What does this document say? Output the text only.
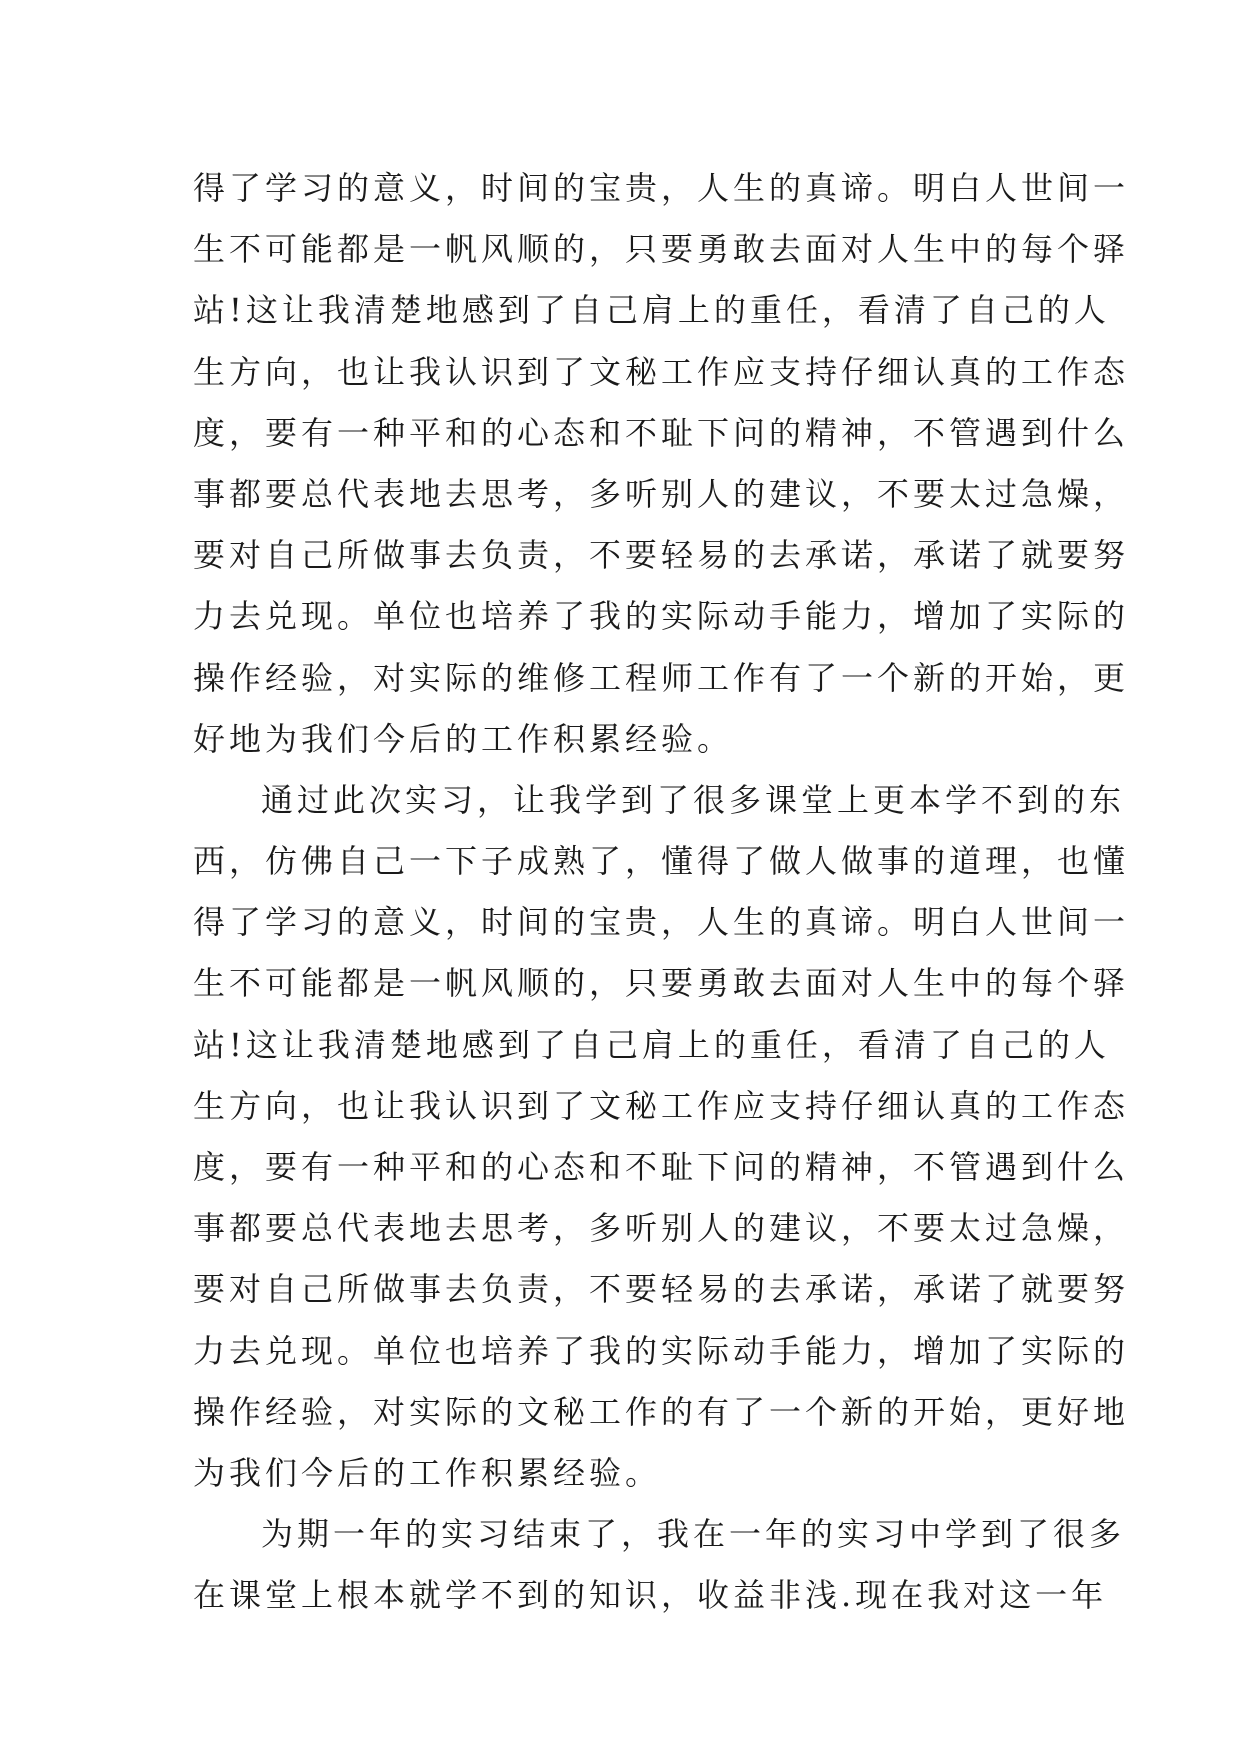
得了学习的意义，时间的宝贵，人生的真谛。明白人世间一
生不可能都是一帆风顺的，只要勇敢去面对人生中的每个驿
站!这让我清楚地感到了自己肩上的重任，看清了自己的人
生方向，也让我认识到了文秘工作应支持仔细认真的工作态
度，要有一种平和的心态和不耻下问的精神，不管遇到什么
事都要总代表地去思考，多听别人的建议，不要太过急燥，
要对自己所做事去负责，不要轻易的去承诺，承诺了就要努
力去兑现。单位也培养了我的实际动手能力，增加了实际的
操作经验，对实际的维修工程师工作有了一个新的开始，更
好地为我们今后的工作积累经验。
通过此次实习，让我学到了很多课堂上更本学不到的东
西，仿佛自己一下子成熟了，懂得了做人做事的道理，也懂
得了学习的意义，时间的宝贵，人生的真谛。明白人世间一
生不可能都是一帆风顺的，只要勇敢去面对人生中的每个驿
站!这让我清楚地感到了自己肩上的重任，看清了自己的人
生方向，也让我认识到了文秘工作应支持仔细认真的工作态
度，要有一种平和的心态和不耻下问的精神，不管遇到什么
事都要总代表地去思考，多听别人的建议，不要太过急燥，
要对自己所做事去负责，不要轻易的去承诺，承诺了就要努
力去兑现。单位也培养了我的实际动手能力，增加了实际的
操作经验，对实际的文秘工作的有了一个新的开始，更好地
为我们今后的工作积累经验。
为期一年的实习结束了，我在一年的实习中学到了很多
在课堂上根本就学不到的知识，收益非浅.现在我对这一年
